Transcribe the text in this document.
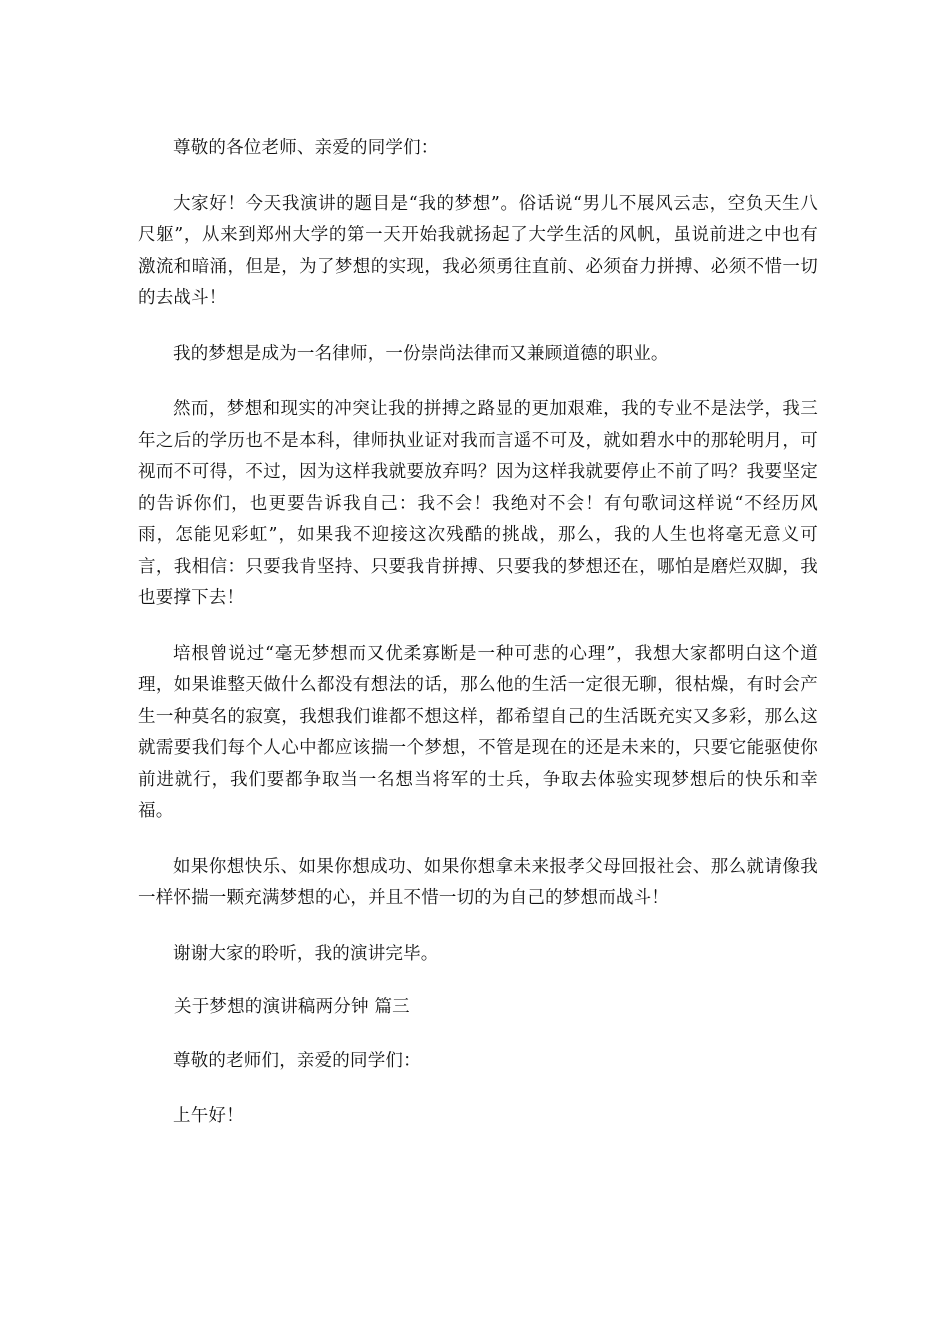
尊敬的各位老师、亲爱的同学们：

大家好！今天我演讲的题目是“我的梦想”。俗话说“男儿不展风云志，空负天生八尺躯”，从来到郑州大学的第一天开始我就扬起了大学生活的风帆，虽说前进之中也有激流和暗涌，但是，为了梦想的实现，我必须勇往直前、必须奋力拼搏、必须不惜一切的去战斗！

我的梦想是成为一名律师，一份崇尚法律而又兼顾道德的职业。

然而，梦想和现实的冲突让我的拼搏之路显的更加艰难，我的专业不是法学，我三年之后的学历也不是本科，律师执业证对我而言遥不可及，就如碧水中的那轮明月，可视而不可得，不过，因为这样我就要放弃吗？因为这样我就要停止不前了吗？我要坚定的告诉你们，也更要告诉我自己：我不会！我绝对不会！有句歌词这样说“不经历风雨，怎能见彩虹”，如果我不迎接这次残酷的挑战，那么，我的人生也将毫无意义可言，我相信：只要我肯坚持、只要我肯拼搏、只要我的梦想还在，哪怕是磨烂双脚，我也要撑下去！

培根曾说过“毫无梦想而又优柔寡断是一种可悲的心理”，我想大家都明白这个道理，如果谁整天做什么都没有想法的话，那么他的生活一定很无聊，很枯燥，有时会产生一种莫名的寂寞，我想我们谁都不想这样，都希望自己的生活既充实又多彩，那么这就需要我们每个人心中都应该揣一个梦想，不管是现在的还是未来的，只要它能驱使你前进就行，我们要都争取当一名想当将军的士兵，争取去体验实现梦想后的快乐和幸福。

如果你想快乐、如果你想成功、如果你想拿未来报孝父母回报社会、那么就请像我一样怀揣一颗充满梦想的心，并且不惜一切的为自己的梦想而战斗！

谢谢大家的聆听，我的演讲完毕。

关于梦想的演讲稿两分钟 篇三

尊敬的老师们，亲爱的同学们：

上午好！
